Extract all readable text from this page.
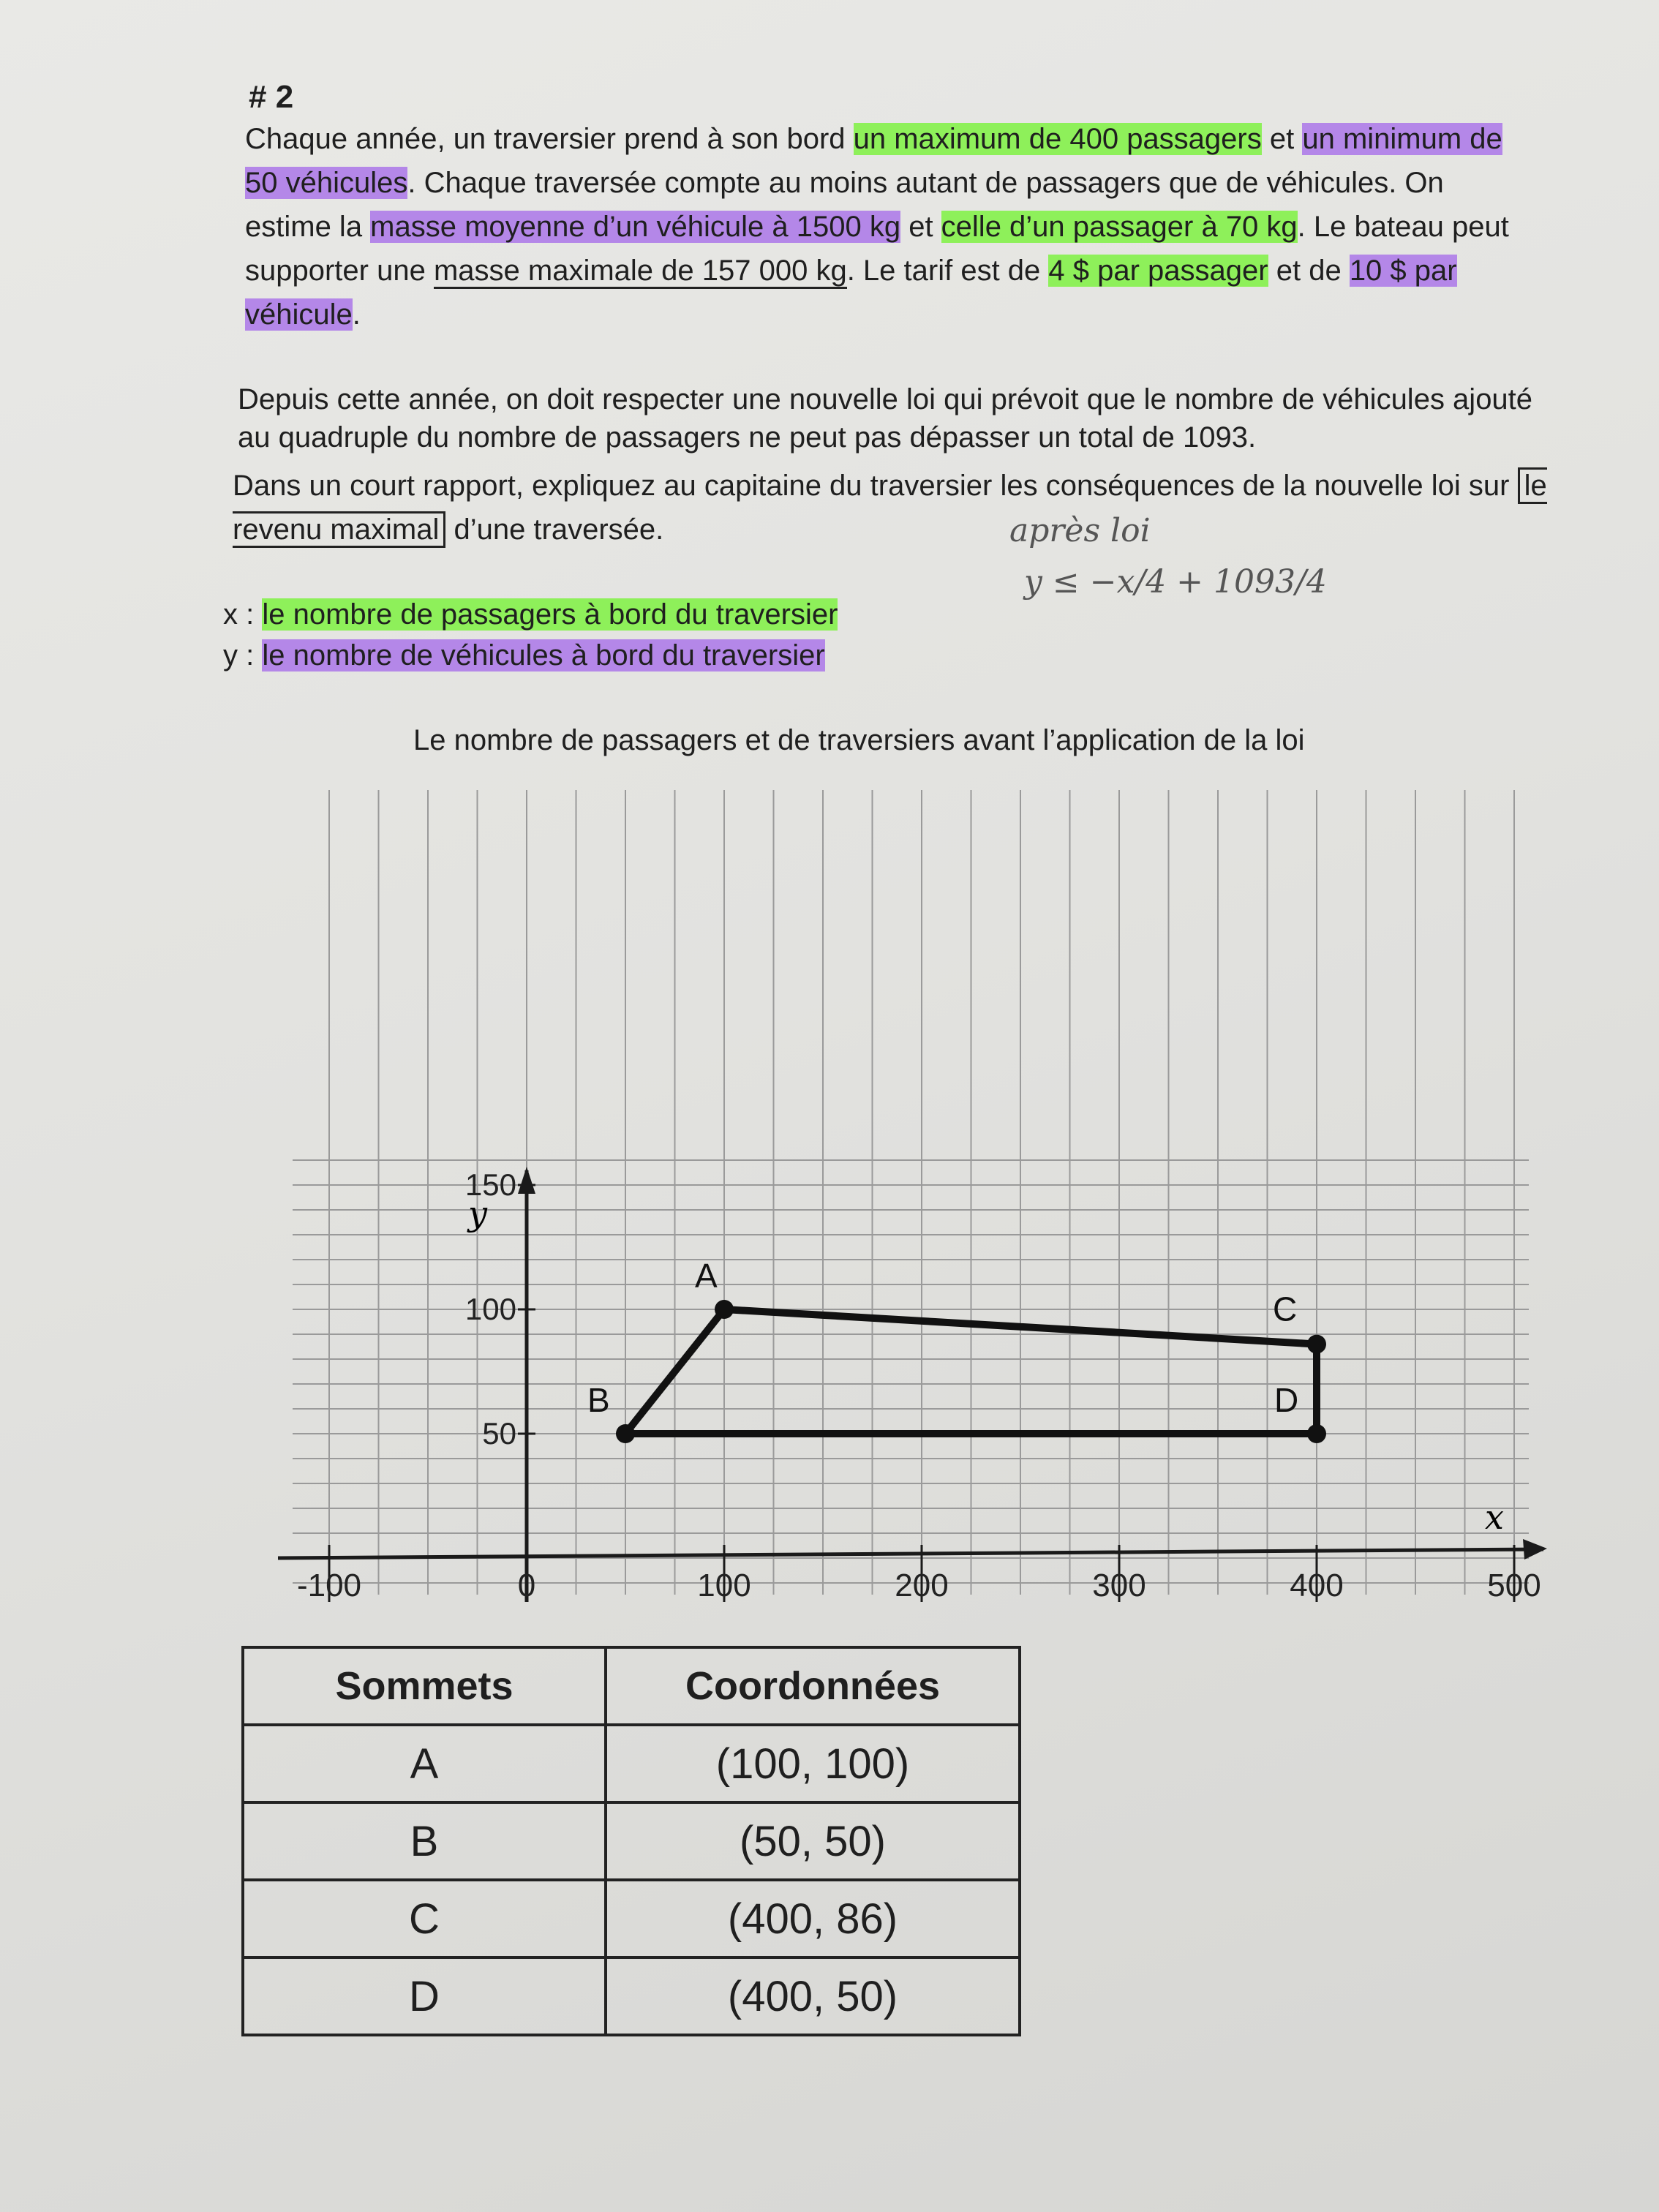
# 2
Chaque année, un traversier prend à son bord un maximum de 400 passagers et un minimum de 50 véhicules. Chaque traversée compte au moins autant de passagers que de véhicules. On estime la masse moyenne d’un véhicule à 1500 kg et celle d’un passager à 70 kg. Le bateau peut supporter une masse maximale de 157 000 kg. Le tarif est de 4 $ par passager et de 10 $ par véhicule.
Depuis cette année, on doit respecter une nouvelle loi qui prévoit que le nombre de véhicules ajouté au quadruple du nombre de passagers ne peut pas dépasser un total de 1093.
Dans un court rapport, expliquez au capitaine du traversier les conséquences de la nouvelle loi sur le revenu maximal d’une traversée.	après loi
y ≤ −x/4 + 1093/4
x : le nombre de passagers à bord du traversier
y : le nombre de véhicules à bord du traversier
Le nombre de passagers et de traversiers avant l’application de la loi
x
y
-100	0	100	200	300	400	500
50
100
150
A
C
D
B
Sommets	Coordonnées
A	(100, 100)
B	(50, 50)
C	(400, 86)
D	(400, 50)
